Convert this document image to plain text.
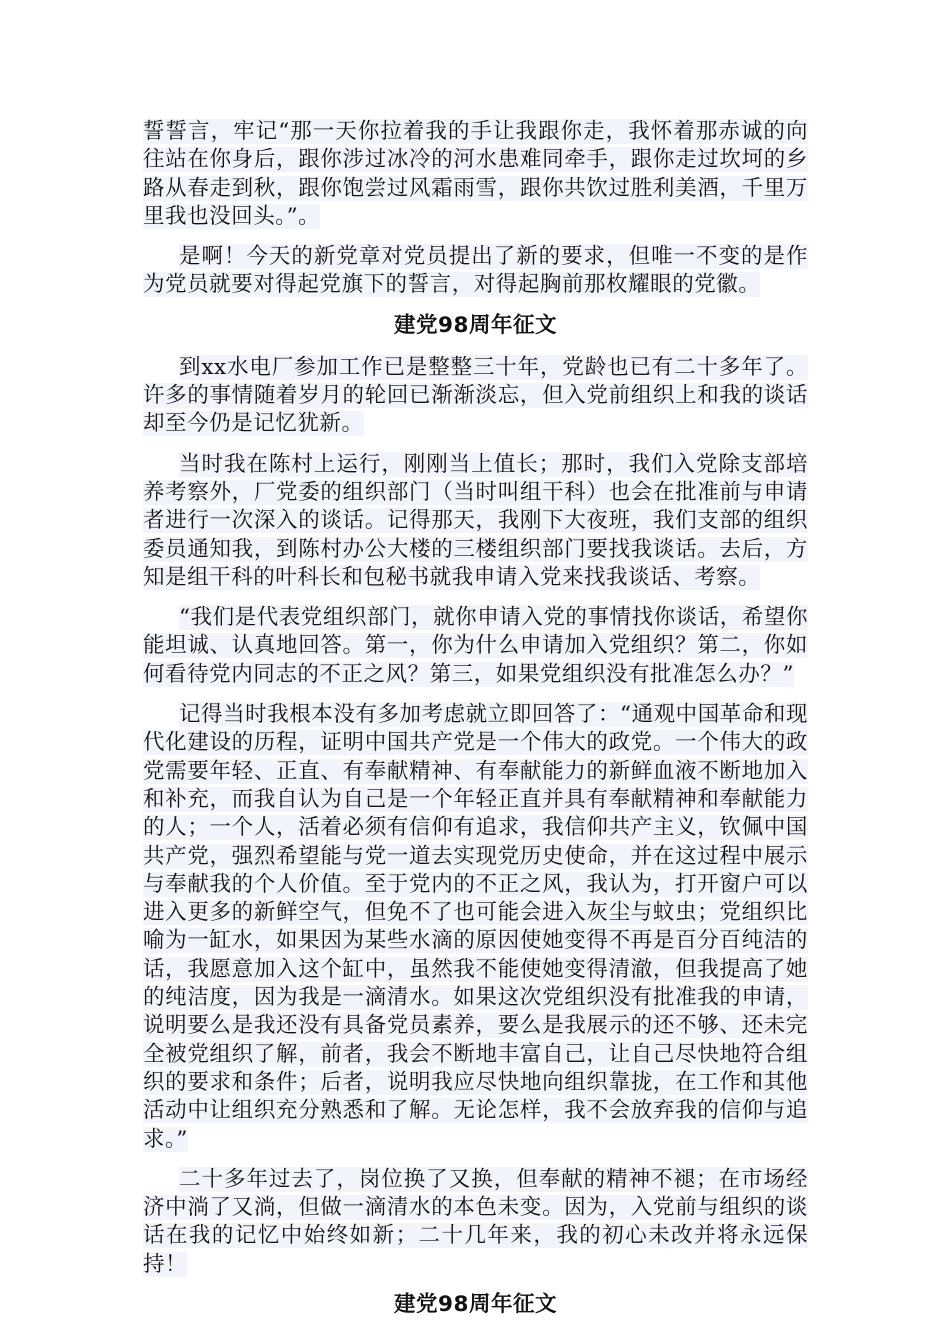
誓誓言，牢记“那一天你拉着我的手让我跟你走，我怀着那赤诚的向往站在你身后，跟你涉过冰冷的河水患难同牵手，跟你走过坎坷的乡路从春走到秋，跟你饱尝过风霜雨雪，跟你共饮过胜利美酒，千里万里我也没回头。”。

是啊！今天的新党章对党员提出了新的要求，但唯一不变的是作为党员就要对得起党旗下的誓言，对得起胸前那枚耀眼的党徽。

建党98周年征文

到xx水电厂参加工作已是整整三十年，党龄也已有二十多年了。许多的事情随着岁月的轮回已渐渐淡忘，但入党前组织上和我的谈话却至今仍是记忆犹新。

当时我在陈村上运行，刚刚当上值长；那时，我们入党除支部培养考察外，厂党委的组织部门（当时叫组干科）也会在批准前与申请者进行一次深入的谈话。记得那天，我刚下大夜班，我们支部的组织委员通知我，到陈村办公大楼的三楼组织部门要找我谈话。去后，方知是组干科的叶科长和包秘书就我申请入党来找我谈话、考察。

“我们是代表党组织部门，就你申请入党的事情找你谈话，希望你能坦诚、认真地回答。第一，你为什么申请加入党组织？第二，你如何看待党内同志的不正之风？第三，如果党组织没有批准怎么办？”

记得当时我根本没有多加考虑就立即回答了：“通观中国革命和现代化建设的历程，证明中国共产党是一个伟大的政党。一个伟大的政党需要年轻、正直、有奉献精神、有奉献能力的新鲜血液不断地加入和补充，而我自认为自己是一个年轻正直并具有奉献精神和奉献能力的人；一个人，活着必须有信仰有追求，我信仰共产主义，钦佩中国共产党，强烈希望能与党一道去实现党历史使命，并在这过程中展示与奉献我的个人价值。至于党内的不正之风，我认为，打开窗户可以进入更多的新鲜空气，但免不了也可能会进入灰尘与蚊虫；党组织比喻为一缸水，如果因为某些水滴的原因使她变得不再是百分百纯洁的话，我愿意加入这个缸中，虽然我不能使她变得清澈，但我提高了她的纯洁度，因为我是一滴清水。如果这次党组织没有批准我的申请，说明要么是我还没有具备党员素养，要么是我展示的还不够、还未完全被党组织了解，前者，我会不断地丰富自己，让自己尽快地符合组织的要求和条件；后者，说明我应尽快地向组织靠拢，在工作和其他活动中让组织充分熟悉和了解。无论怎样，我不会放弃我的信仰与追求。”

二十多年过去了，岗位换了又换，但奉献的精神不褪；在市场经济中淌了又淌，但做一滴清水的本色未变。因为，入党前与组织的谈话在我的记忆中始终如新；二十几年来，我的初心未改并将永远保持！

建党98周年征文
